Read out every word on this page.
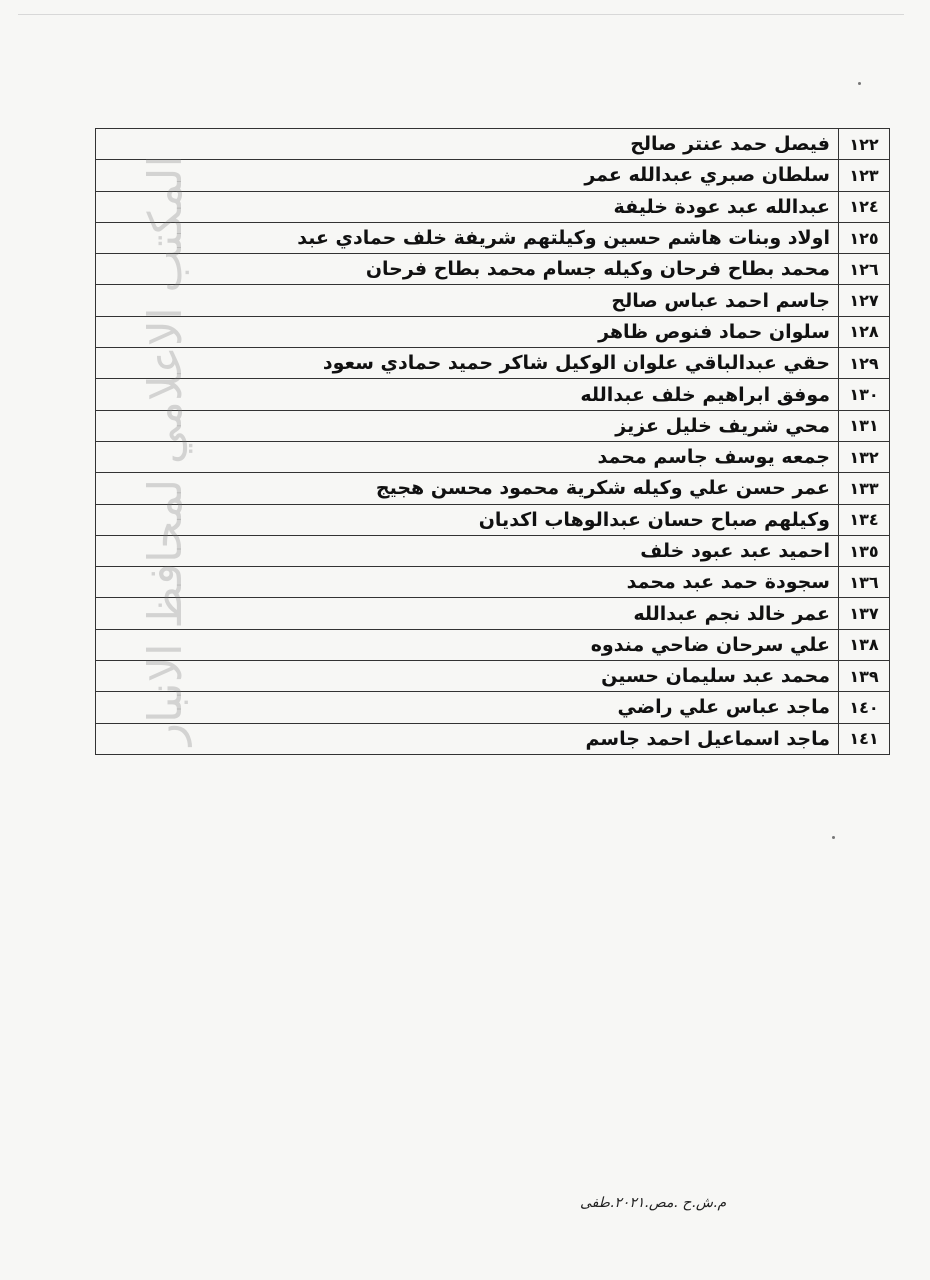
١٢٢	فيصل حمد عنتر صالح
١٢٣	سلطان صبري عبدالله عمر
١٢٤	عبدالله عبد عودة خليفة
١٢٥	اولاد وبنات هاشم حسين وكيلتهم شريفة خلف حمادي عبد
١٢٦	محمد بطاح فرحان وكيله جسام محمد بطاح فرحان
١٢٧	جاسم احمد عباس صالح
١٢٨	سلوان حماد فنوص ظاهر
١٢٩	حقي عبدالباقي علوان الوكيل شاكر حميد حمادي سعود
١٣٠	موفق ابراهيم خلف عبدالله
١٣١	محي شريف خليل عزيز
١٣٢	جمعه يوسف جاسم محمد
١٣٣	عمر حسن علي وكيله شكرية محمود محسن هجيج
١٣٤	وكيلهم صباح حسان عبدالوهاب اكديان
١٣٥	احميد عبد عبود خلف
١٣٦	سجودة حمد عبد محمد
١٣٧	عمر خالد نجم عبدالله
١٣٨	علي سرحان ضاحي مندوه
١٣٩	محمد عبد سليمان حسين
١٤٠	ماجد عباس علي راضي
١٤١	ماجد اسماعيل احمد جاسم
المكتب الاعلامي لمحافظ الانبار
م.ش.ح .مص.٢٠٢١.طفى
